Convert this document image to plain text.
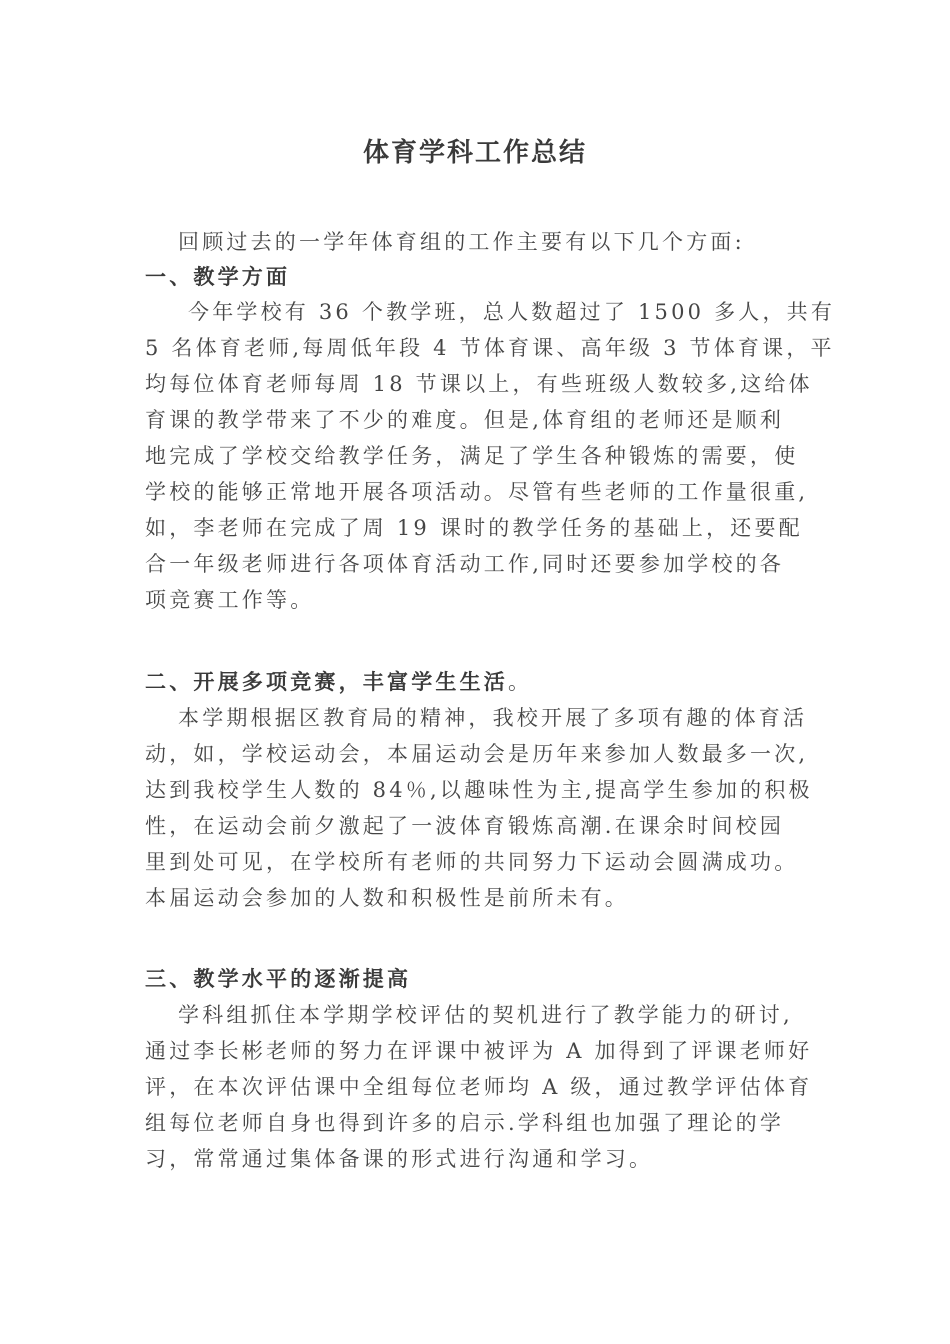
体育学科工作总结
回顾过去的一学年体育组的工作主要有以下几个方面:
一、教学方面
今年学校有 36 个教学班，总人数超过了 1500 多人，共有
5 名体育老师,每周低年段 4 节体育课、高年级 3 节体育课，平
均每位体育老师每周 18 节课以上，有些班级人数较多,这给体
育课的教学带来了不少的难度。但是,体育组的老师还是顺利
地完成了学校交给教学任务，满足了学生各种锻炼的需要，使
学校的能够正常地开展各项活动。尽管有些老师的工作量很重,
如，李老师在完成了周 19 课时的教学任务的基础上，还要配
合一年级老师进行各项体育活动工作,同时还要参加学校的各
项竞赛工作等。
二、开展多项竞赛，丰富学生生活。
本学期根据区教育局的精神，我校开展了多项有趣的体育活
动，如，学校运动会，本届运动会是历年来参加人数最多一次,
达到我校学生人数的 84％,以趣味性为主,提高学生参加的积极
性，在运动会前夕激起了一波体育锻炼高潮.在课余时间校园
里到处可见，在学校所有老师的共同努力下运动会圆满成功。
本届运动会参加的人数和积极性是前所未有。
三、教学水平的逐渐提高
学科组抓住本学期学校评估的契机进行了教学能力的研讨,
通过李长彬老师的努力在评课中被评为 A 加得到了评课老师好
评，在本次评估课中全组每位老师均 A 级，通过教学评估体育
组每位老师自身也得到许多的启示.学科组也加强了理论的学
习，常常通过集体备课的形式进行沟通和学习。
